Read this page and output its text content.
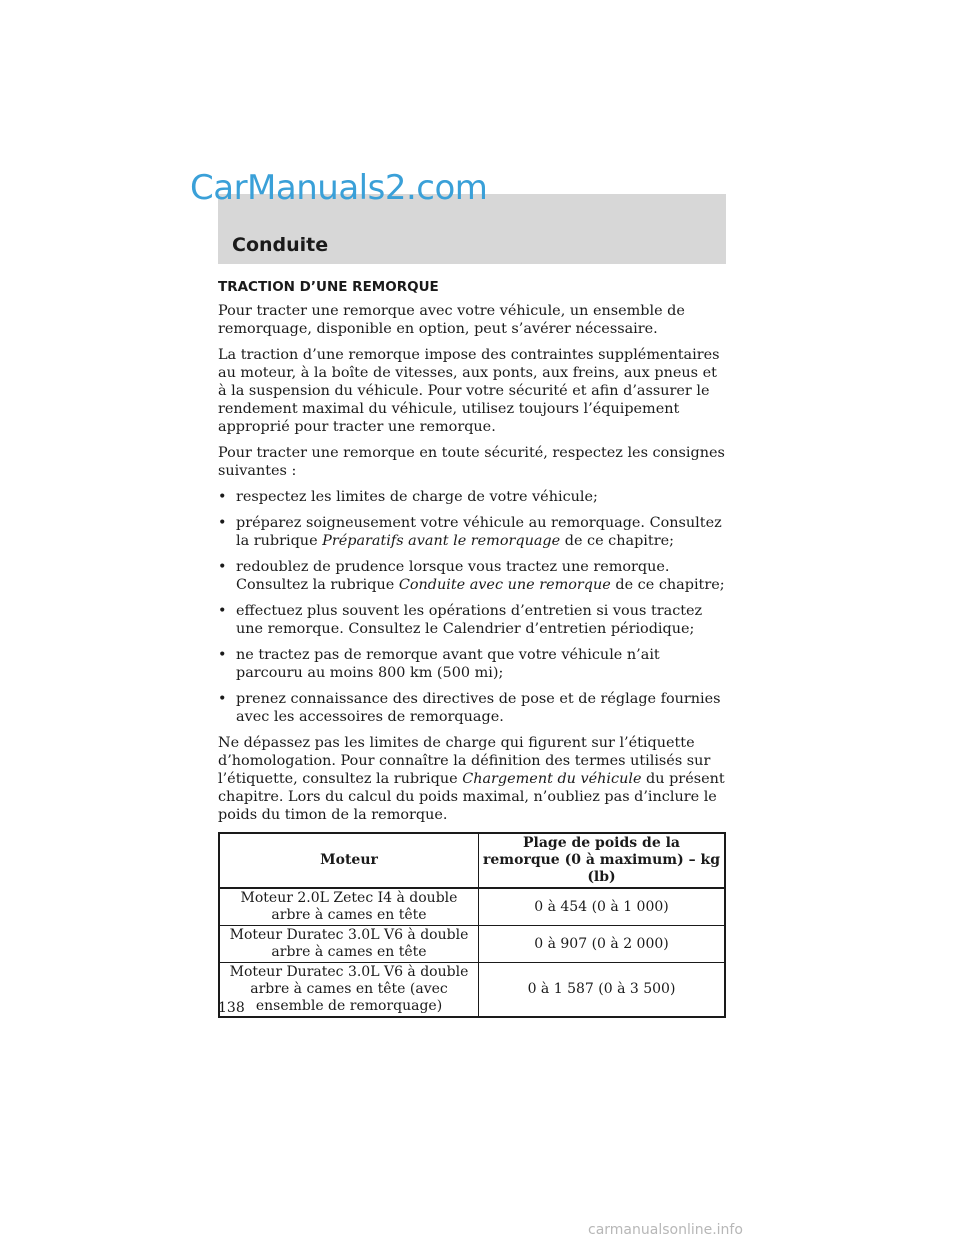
CarManuals2.com
Conduite
TRACTION D’UNE REMORQUE

Pour tracter une remorque avec votre véhicule, un ensemble de remorquage, disponible en option, peut s’avérer nécessaire.

La traction d’une remorque impose des contraintes supplémentaires au moteur, à la boîte de vitesses, aux ponts, aux freins, aux pneus et à la suspension du véhicule. Pour votre sécurité et afin d’assurer le rendement maximal du véhicule, utilisez toujours l’équipement approprié pour tracter une remorque.

Pour tracter une remorque en toute sécurité, respectez les consignes suivantes :

• respectez les limites de charge de votre véhicule;
• préparez soigneusement votre véhicule au remorquage. Consultez la rubrique Préparatifs avant le remorquage de ce chapitre;
• redoublez de prudence lorsque vous tractez une remorque. Consultez la rubrique Conduite avec une remorque de ce chapitre;
• effectuez plus souvent les opérations d’entretien si vous tractez une remorque. Consultez le Calendrier d’entretien périodique;
• ne tractez pas de remorque avant que votre véhicule n’ait parcouru au moins 800 km (500 mi);
• prenez connaissance des directives de pose et de réglage fournies avec les accessoires de remorquage.

Ne dépassez pas les limites de charge qui figurent sur l’étiquette d’homologation. Pour connaître la définition des termes utilisés sur l’étiquette, consultez la rubrique Chargement du véhicule du présent chapitre. Lors du calcul du poids maximal, n’oubliez pas d’inclure le poids du timon de la remorque.

Moteur	Plage de poids de la remorque (0 à maximum) – kg (lb)
Moteur 2.0L Zetec I4 à double arbre à cames en tête	0 à 454 (0 à 1 000)
Moteur Duratec 3.0L V6 à double arbre à cames en tête	0 à 907 (0 à 2 000)
Moteur Duratec 3.0L V6 à double arbre à cames en tête (avec ensemble de remorquage)	0 à 1 587 (0 à 3 500)
138
carmanualsonline.info
